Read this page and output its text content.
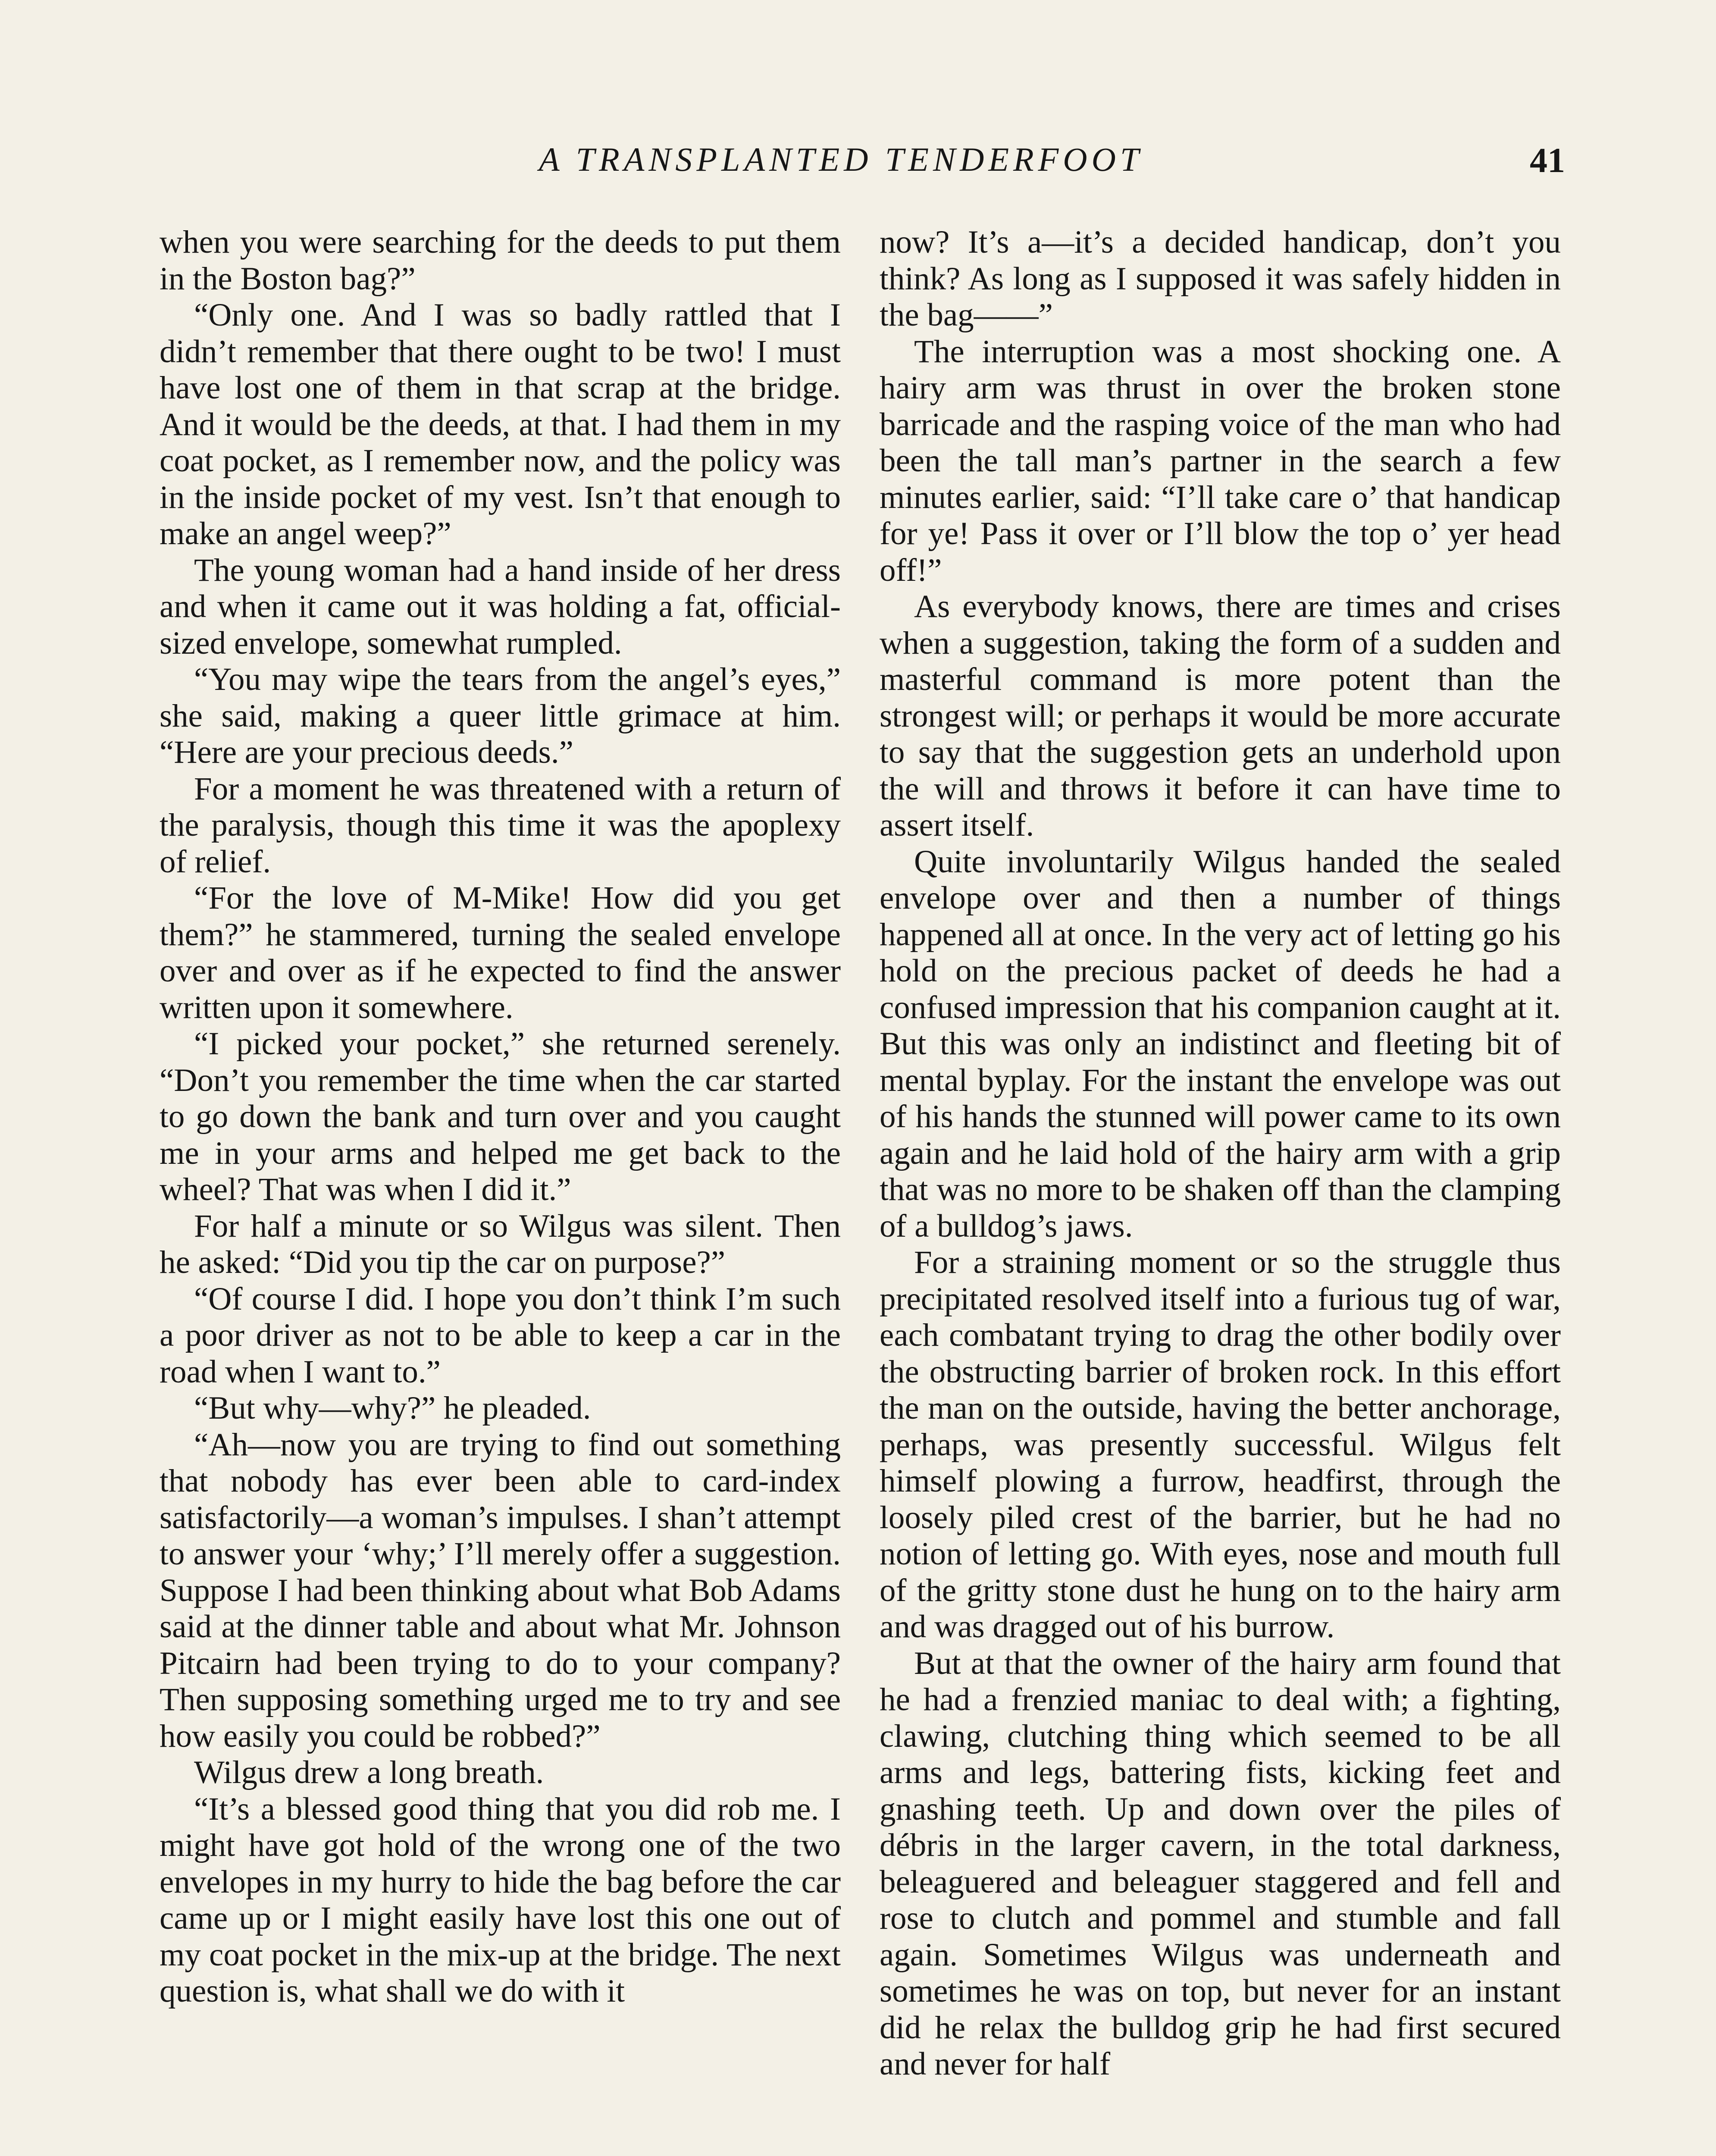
A TRANSPLANTED TENDERFOOT	41

when you were searching for the deeds to put them in the Boston bag?”

“Only one. And I was so badly rattled that I didn’t remember that there ought to be two! I must have lost one of them in that scrap at the bridge. And it would be the deeds, at that. I had them in my coat pocket, as I remember now, and the policy was in the inside pocket of my vest. Isn’t that enough to make an angel weep?”

The young woman had a hand inside of her dress and when it came out it was holding a fat, official-sized envelope, somewhat rumpled.

“You may wipe the tears from the angel’s eyes,” she said, making a queer little grimace at him. “Here are your precious deeds.”

For a moment he was threatened with a return of the paralysis, though this time it was the apoplexy of relief.

“For the love of M-Mike! How did you get them?” he stammered, turning the sealed envelope over and over as if he expected to find the answer written upon it somewhere.

“I picked your pocket,” she returned serenely. “Don’t you remember the time when the car started to go down the bank and turn over and you caught me in your arms and helped me get back to the wheel? That was when I did it.”

For half a minute or so Wilgus was silent. Then he asked: “Did you tip the car on purpose?”

“Of course I did. I hope you don’t think I’m such a poor driver as not to be able to keep a car in the road when I want to.”

“But why—why?” he pleaded.

“Ah—now you are trying to find out something that nobody has ever been able to card-index satisfactorily—a woman’s impulses. I shan’t attempt to answer your ‘why;’ I’ll merely offer a suggestion. Suppose I had been thinking about what Bob Adams said at the dinner table and about what Mr. Johnson Pitcairn had been trying to do to your company? Then supposing something urged me to try and see how easily you could be robbed?”

Wilgus drew a long breath.

“It’s a blessed good thing that you did rob me. I might have got hold of the wrong one of the two envelopes in my hurry to hide the bag before the car came up or I might easily have lost this one out of my coat pocket in the mix-up at the bridge. The next question is, what shall we do with it

now? It’s a—it’s a decided handicap, don’t you think? As long as I supposed it was safely hidden in the bag——”

The interruption was a most shocking one. A hairy arm was thrust in over the broken stone barricade and the rasping voice of the man who had been the tall man’s partner in the search a few minutes earlier, said: “I’ll take care o’ that handicap for ye! Pass it over or I’ll blow the top o’ yer head off!”

As everybody knows, there are times and crises when a suggestion, taking the form of a sudden and masterful command is more potent than the strongest will; or perhaps it would be more accurate to say that the suggestion gets an underhold upon the will and throws it before it can have time to assert itself.

Quite involuntarily Wilgus handed the sealed envelope over and then a number of things happened all at once. In the very act of letting go his hold on the precious packet of deeds he had a confused impression that his companion caught at it. But this was only an indistinct and fleeting bit of mental byplay. For the instant the envelope was out of his hands the stunned will power came to its own again and he laid hold of the hairy arm with a grip that was no more to be shaken off than the clamping of a bulldog’s jaws.

For a straining moment or so the struggle thus precipitated resolved itself into a furious tug of war, each combatant trying to drag the other bodily over the obstructing barrier of broken rock. In this effort the man on the outside, having the better anchorage, perhaps, was presently successful. Wilgus felt himself plowing a furrow, headfirst, through the loosely piled crest of the barrier, but he had no notion of letting go. With eyes, nose and mouth full of the gritty stone dust he hung on to the hairy arm and was dragged out of his burrow.

But at that the owner of the hairy arm found that he had a frenzied maniac to deal with; a fighting, clawing, clutching thing which seemed to be all arms and legs, battering fists, kicking feet and gnashing teeth. Up and down over the piles of débris in the larger cavern, in the total darkness, beleaguered and beleaguer staggered and fell and rose to clutch and pommel and stumble and fall again. Sometimes Wilgus was underneath and sometimes he was on top, but never for an instant did he relax the bulldog grip he had first secured and never for half
